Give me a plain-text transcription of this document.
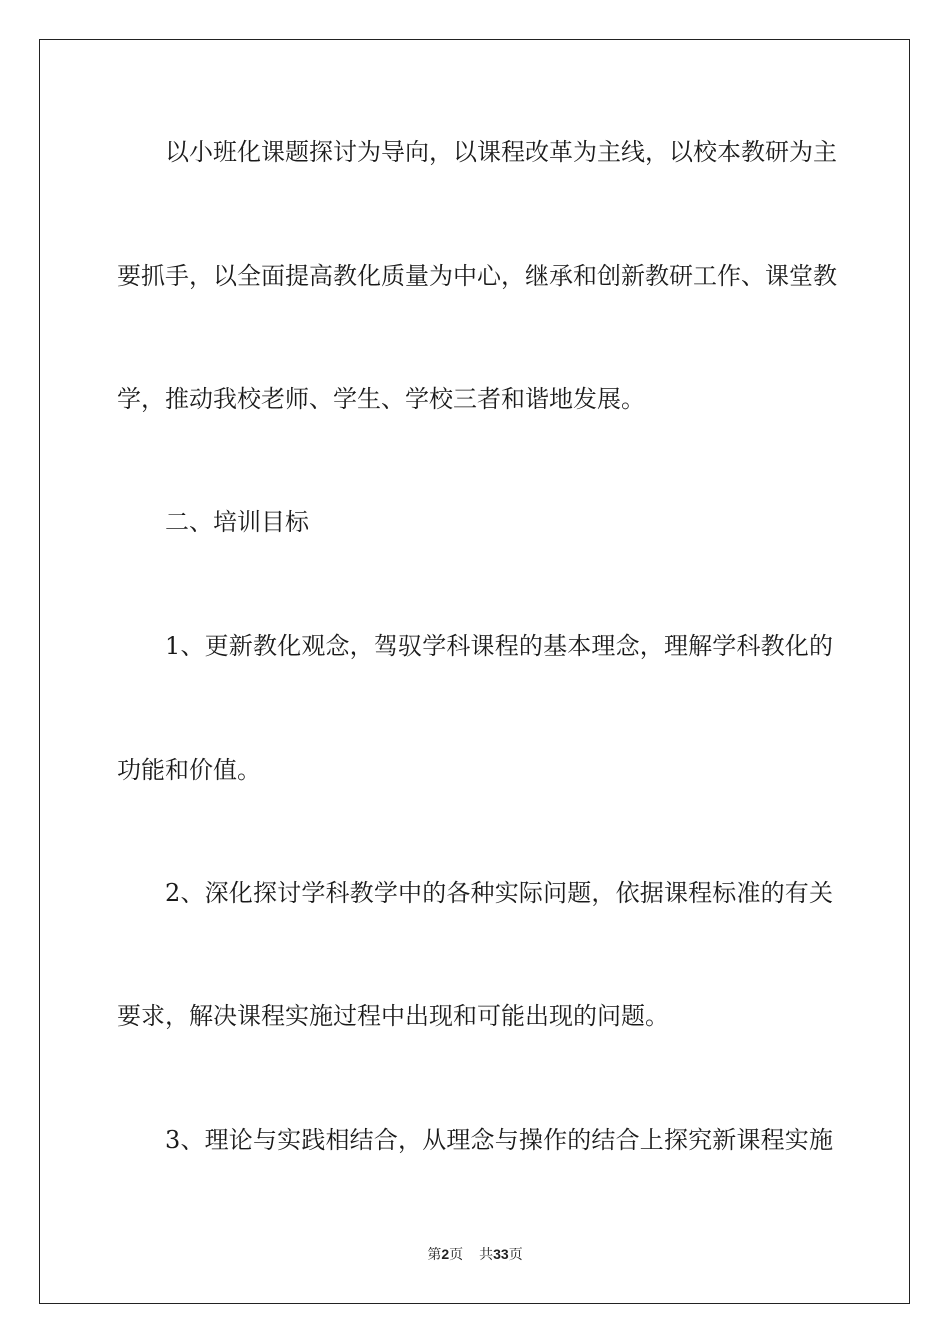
以小班化课题探讨为导向，以课程改革为主线，以校本教研为主
要抓手，以全面提高教化质量为中心，继承和创新教研工作、课堂教
学，推动我校老师、学生、学校三者和谐地发展。
二、培训目标
1、更新教化观念，驾驭学科课程的基本理念，理解学科教化的
功能和价值。
2、深化探讨学科教学中的各种实际问题，依据课程标准的有关
要求，解决课程实施过程中出现和可能出现的问题。
3、理论与实践相结合，从理念与操作的结合上探究新课程实施
第2页 共33页
